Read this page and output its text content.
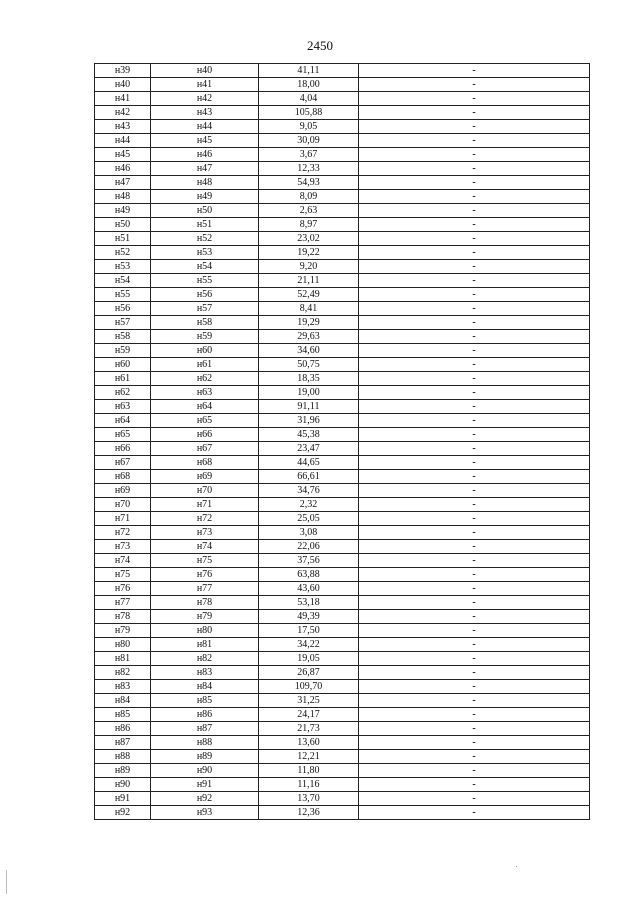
2450
н39	н40	41,11	-
н40	н41	18,00	-
н41	н42	4,04	-
н42	н43	105,88	-
н43	н44	9,05	-
н44	н45	30,09	-
н45	н46	3,67	-
н46	н47	12,33	-
н47	н48	54,93	-
н48	н49	8,09	-
н49	н50	2,63	-
н50	н51	8,97	-
н51	н52	23,02	-
н52	н53	19,22	-
н53	н54	9,20	-
н54	н55	21,11	-
н55	н56	52,49	-
н56	н57	8,41	-
н57	н58	19,29	-
н58	н59	29,63	-
н59	н60	34,60	-
н60	н61	50,75	-
н61	н62	18,35	-
н62	н63	19,00	-
н63	н64	91,11	-
н64	н65	31,96	-
н65	н66	45,38	-
н66	н67	23,47	-
н67	н68	44,65	-
н68	н69	66,61	-
н69	н70	34,76	-
н70	н71	2,32	-
н71	н72	25,05	-
н72	н73	3,08	-
н73	н74	22,06	-
н74	н75	37,56	-
н75	н76	63,88	-
н76	н77	43,60	-
н77	н78	53,18	-
н78	н79	49,39	-
н79	н80	17,50	-
н80	н81	34,22	-
н81	н82	19,05	-
н82	н83	26,87	-
н83	н84	109,70	-
н84	н85	31,25	-
н85	н86	24,17	-
н86	н87	21,73	-
н87	н88	13,60	-
н88	н89	12,21	-
н89	н90	11,80	-
н90	н91	11,16	-
н91	н92	13,70	-
н92	н93	12,36	-
